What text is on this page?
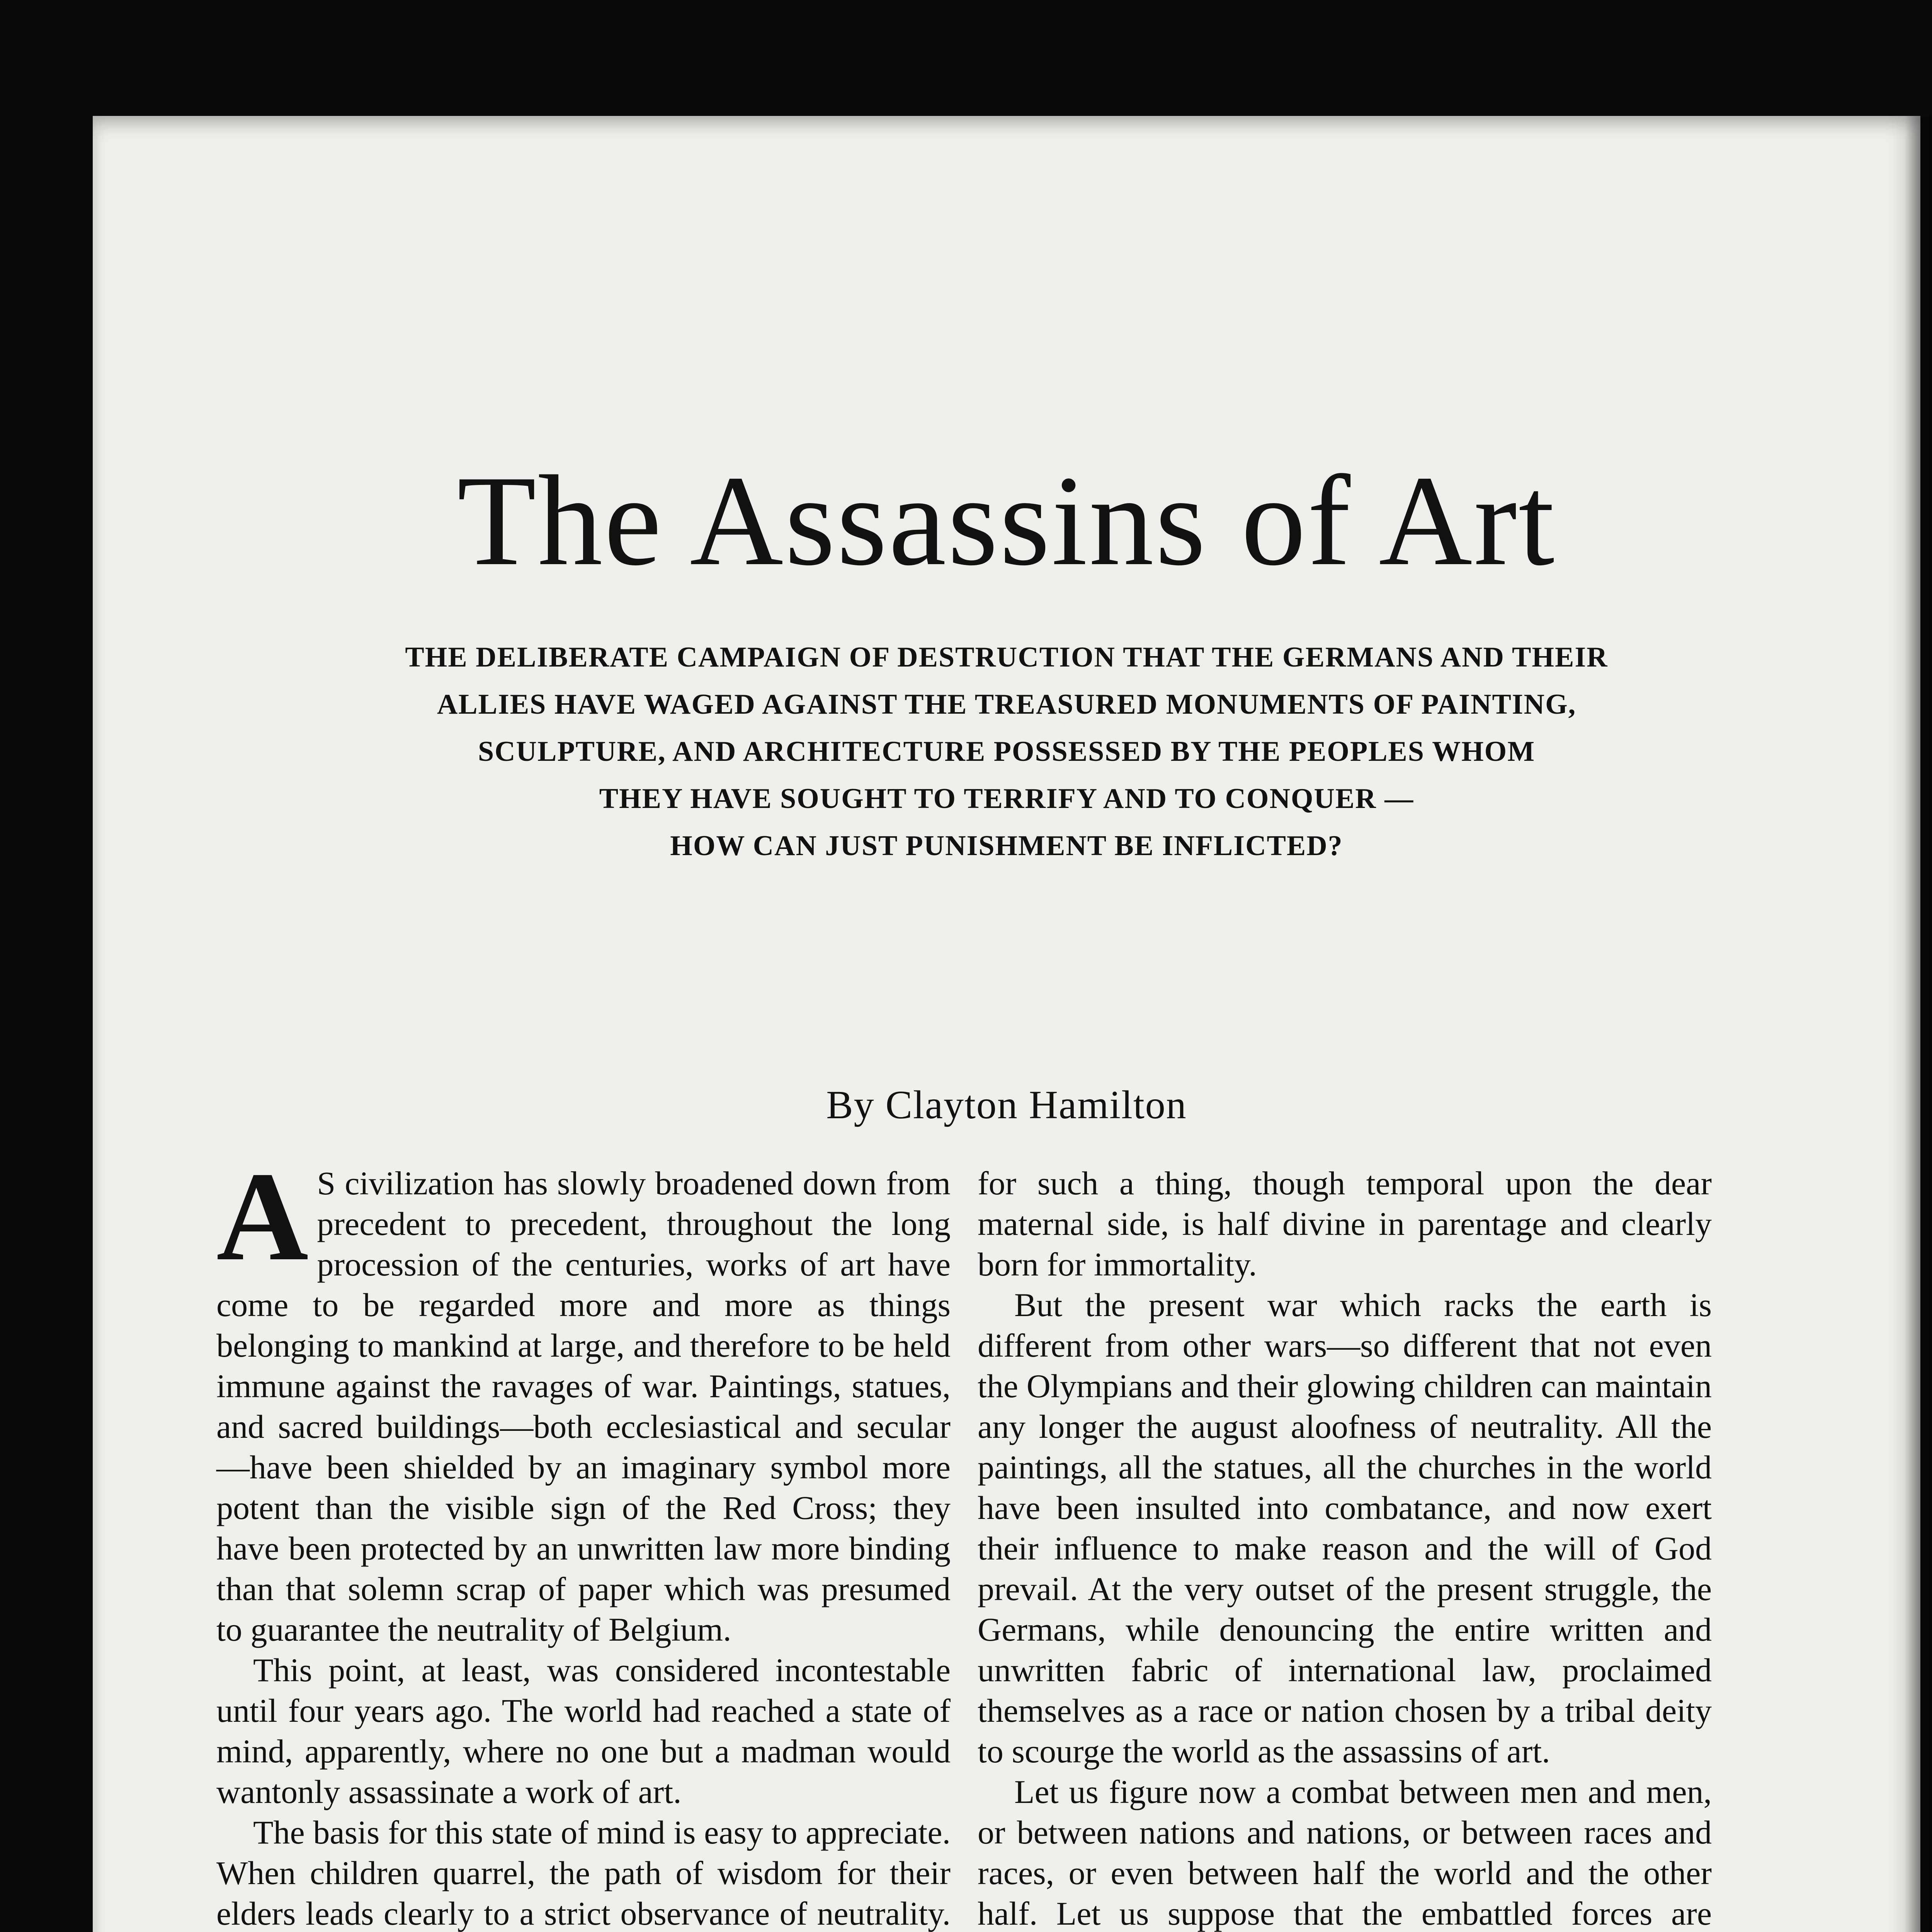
The Assassins of Art
THE DELIBERATE CAMPAIGN OF DESTRUCTION THAT THE GERMANS AND THEIR
ALLIES HAVE WAGED AGAINST THE TREASURED MONUMENTS OF PAINTING,
SCULPTURE, AND ARCHITECTURE POSSESSED BY THE PEOPLES WHOM
THEY HAVE SOUGHT TO TERRIFY AND TO CONQUER —
HOW CAN JUST PUNISHMENT BE INFLICTED?
By Clayton Hamilton

A S civilization has slowly broadened down from precedent to precedent, throughout the long procession of the centuries, works of art have come to be regarded more and more as things belonging to mankind at large, and therefore to be held immune against the ravages of war. Paintings, statues, and sacred buildings—both ecclesiastical and secular—have been shielded by an imaginary symbol more potent than the visible sign of the Red Cross; they have been protected by an unwritten law more binding than that solemn scrap of paper which was presumed to guarantee the neutrality of Belgium.

This point, at least, was considered incontestable until four years ago. The world had reached a state of mind, apparently, where no one but a madman would wantonly assassinate a work of art.

The basis for this state of mind is easy to appreciate. When children quarrel, the path of wisdom for their elders leads clearly to a strict observance of neutrality.

for such a thing, though temporal upon the dear maternal side, is half divine in parentage and clearly born for immortality.

But the present war which racks the earth is different from other wars—so different that not even the Olympians and their glowing children can maintain any longer the august aloofness of neutrality. All the paintings, all the statues, all the churches in the world have been insulted into combatance, and now exert their influence to make reason and the will of God prevail. At the very outset of the present struggle, the Germans, while denouncing the entire written and unwritten fabric of international law, proclaimed themselves as a race or nation chosen by a tribal deity to scourge the world as the assassins of art.

Let us figure now a combat between men and men, or between nations and nations, or between races and races, or even between half the world and the other half. Let us suppose that the embattled forces are
